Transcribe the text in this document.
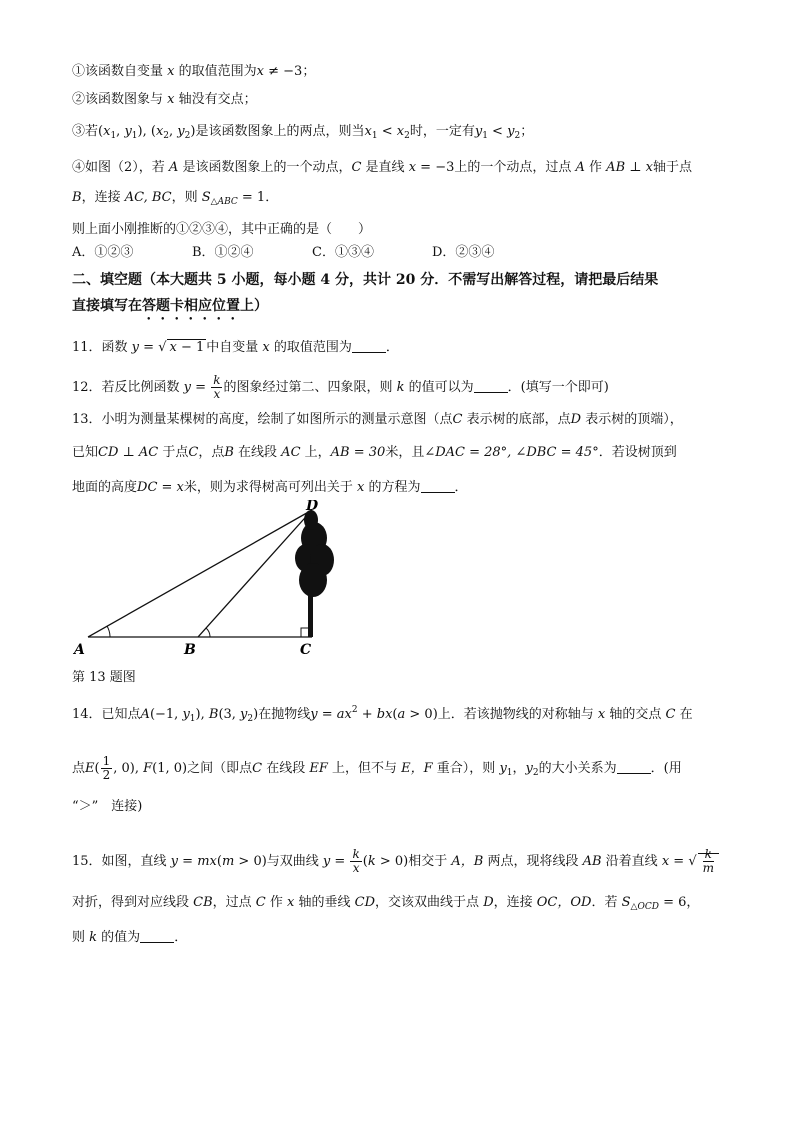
①该函数自变量 x 的取值范围为x ≠ −3；
②该函数图象与 x 轴没有交点；
③若($x_1$, $y_1$), ($x_2$, $y_2$)是该函数图象上的两点，则当$x_1 < x_2$时，一定有$y_1 < y_2$；
④如图（2），若 A 是该函数图象上的一个动点，C 是直线 x = −3上的一个动点，过点 A 作 AB ⊥ x轴于点
B，连接 AC, BC，则 $S_{\triangle ABC} = 1$．
则上面小刚推断的①②③④，其中正确的是（　　）
A．①②③	B．①②④	C．①③④	D．②③④
二、填空题（本大题共 5 小题，每小题 4 分，共计 20 分．不需写出解答过程，请把最后结果
直接填写在答题卡相应位置上）
11．函数 y = √ x − 1 中自变量 x 的取值范围为	．
12．若反比例函数 $y = \frac{k}{x}$ 的图象经过第二、四象限，则 k 的值可以为	．(填写一个即可)
13．小明为测量某棵树的高度，绘制了如图所示的测量示意图（点C 表示树的底部，点D 表示树的顶端），
已知CD ⊥ AC 于点C，点B 在线段 AC 上，AB = 30米，且∠DAC = 28°, ∠DBC = 45°．若设树顶到
地面的高度DC = x米，则为求得树高可列出关于 x 的方程为	．
A	B	C
D
第 13 题图
14．已知点A(−1, $y_1$), B(3, $y_2$)在抛物线$y = ax^2 + bx(a > 0)$上．若该抛物线的对称轴与 x 轴的交点 C 在
点$E( \frac{1}{2}$ , 0), F(1, 0)之间（即点C 在线段 EF 上，但不与 E，F 重合），则 $y_1$，$y_2$的大小关系为	．(用
“＞”　连接)
15．如图，直线 y = mx(m > 0)与双曲线 $y = \frac{k}{x} (k > 0)$相交于 A，B 两点，现将线段 AB 沿着直线 x = √ $\frac{k}{m}$
对折，得到对应线段 CB，过点 C 作 x 轴的垂线 CD，交该双曲线于点 D，连接 OC，OD．若 $S_{\triangle OCD} = 6$，
则 k 的值为	．
